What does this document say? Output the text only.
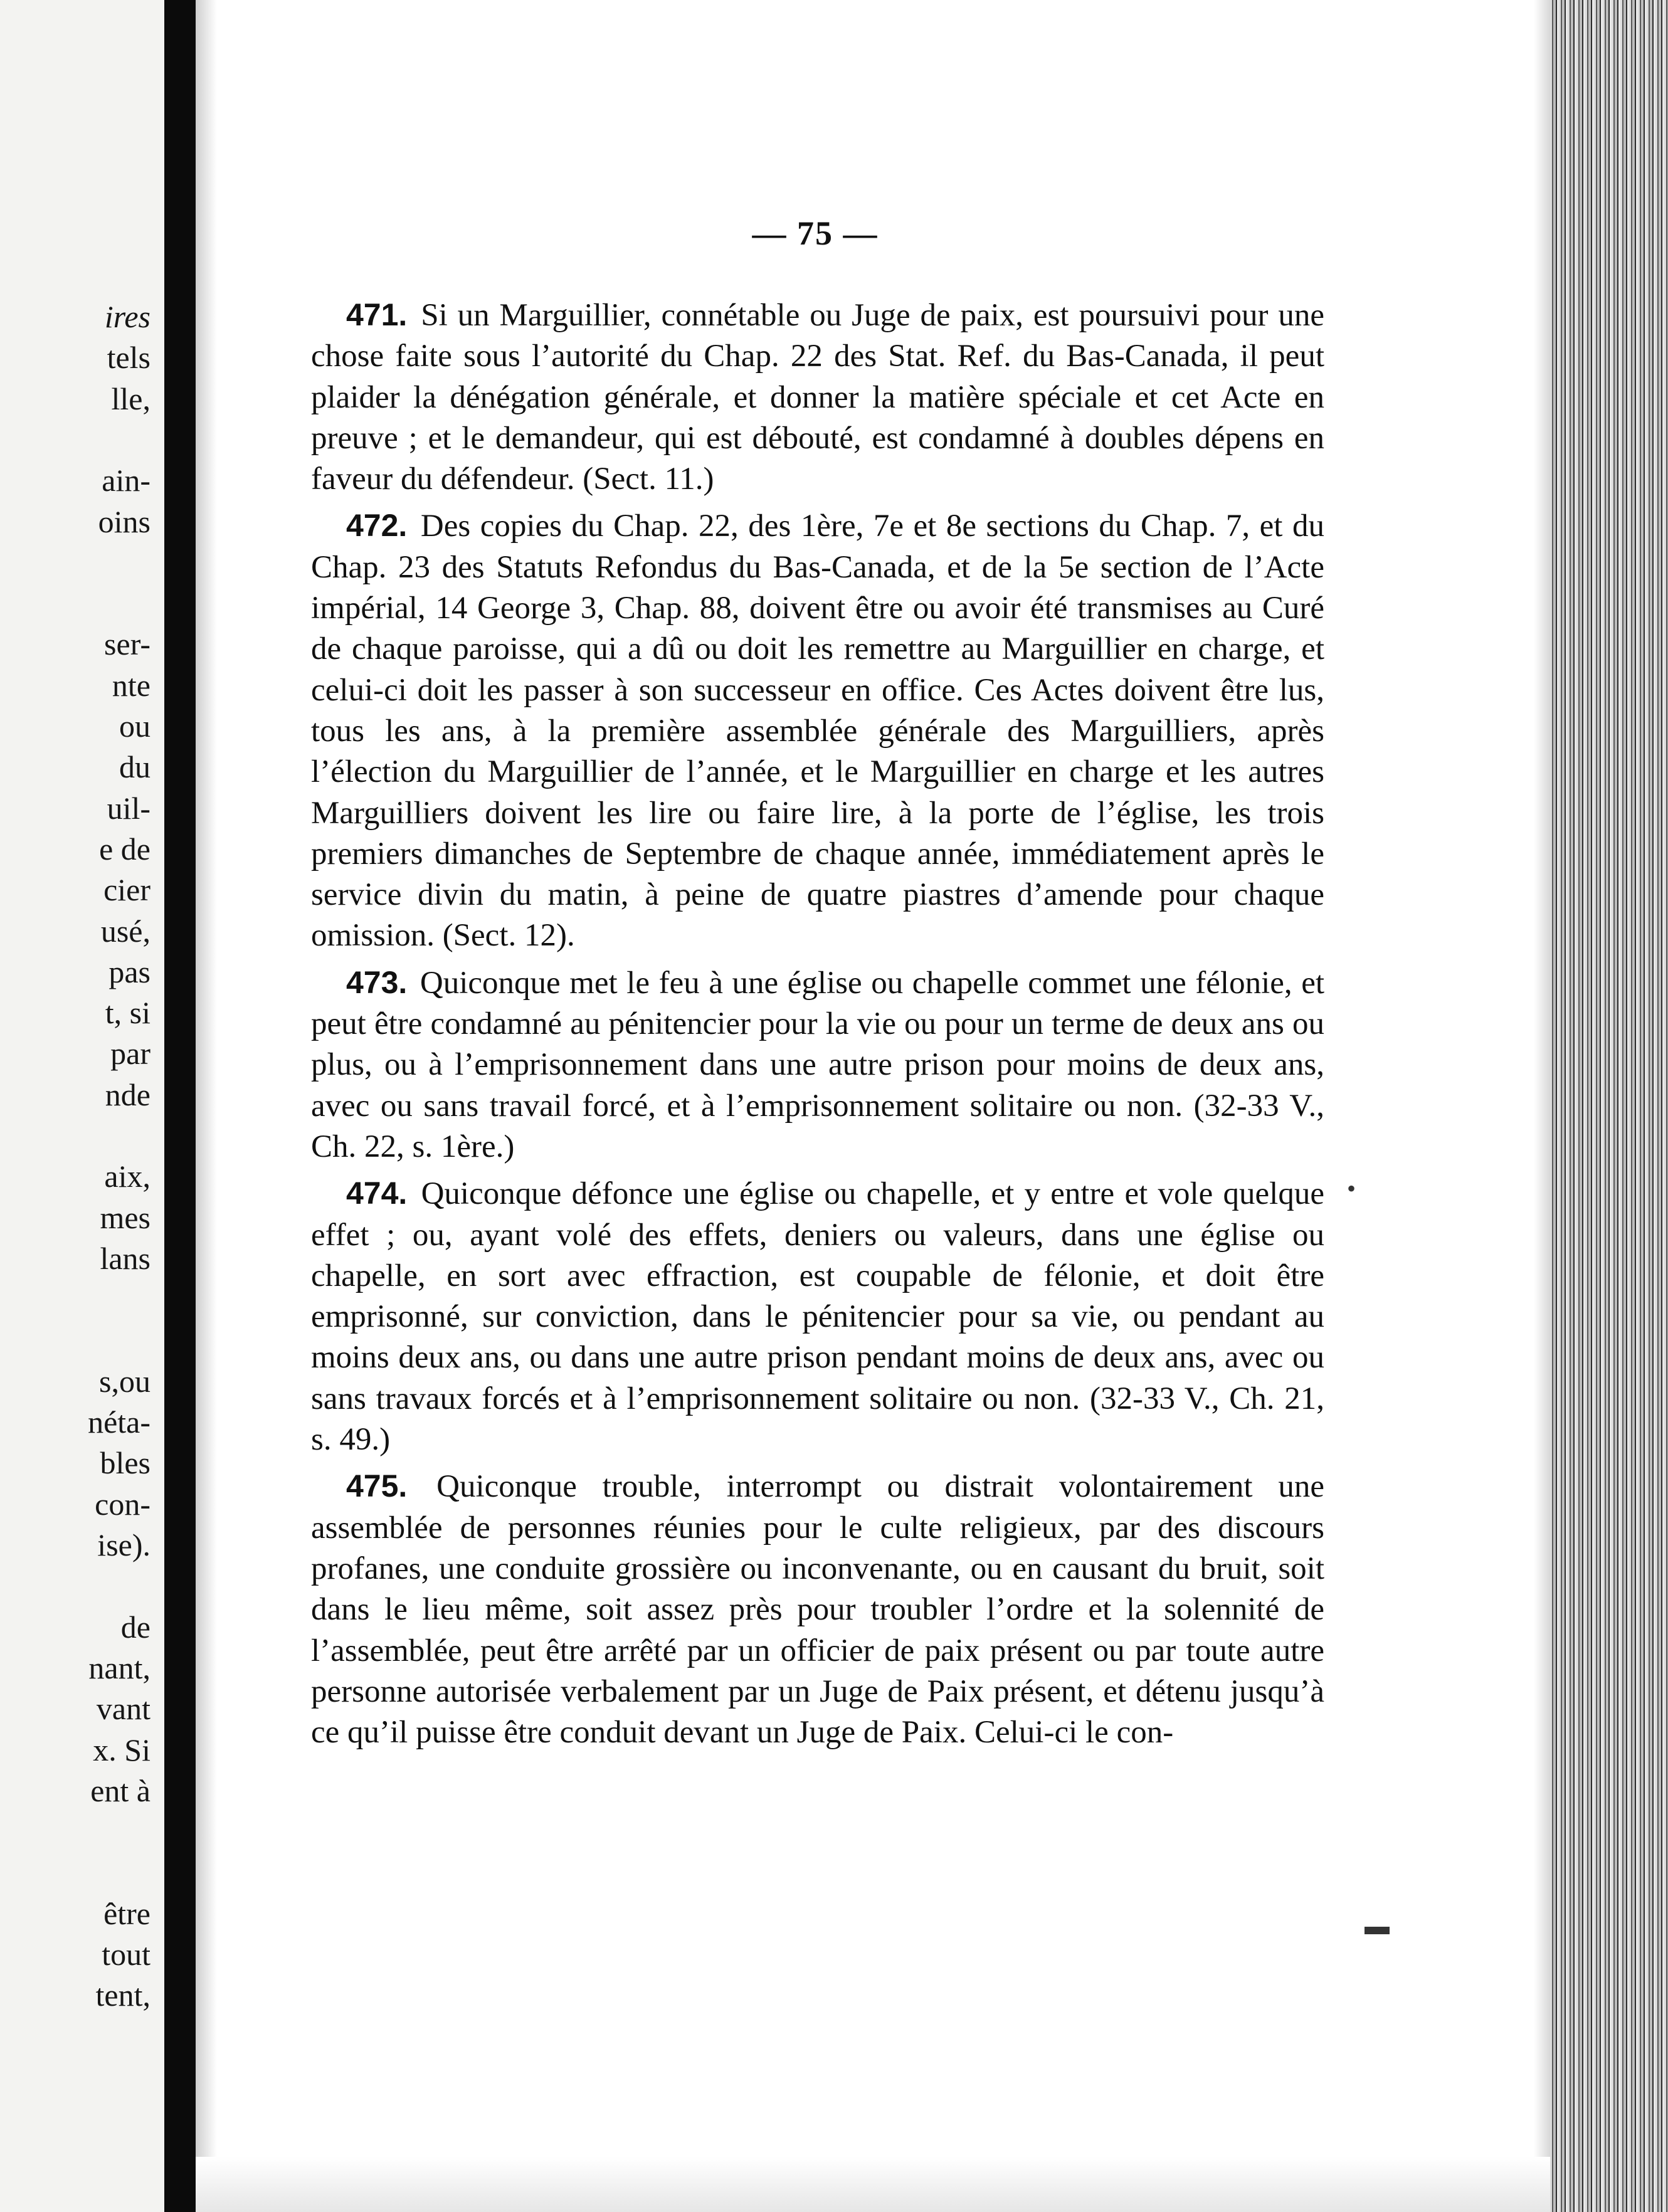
ires
tels
lle,
ain-
oins
ser-
nte
ou
du
uil-
e de
cier
usé,
pas
t, si
par
nde
aix,
mes
lans
s,ou
néta-
bles
con-
ise).
de
nant,
vant
x. Si
ent à
être
tout
tent,
— 75 —

471. Si un Marguillier, connétable ou Juge de paix, est poursuivi pour une chose faite sous l’autorité du Chap. 22 des Stat. Ref. du Bas-Canada, il peut plaider la dénégation générale, et donner la matière spéciale et cet Acte en preuve ; et le demandeur, qui est débouté, est condamné à doubles dépens en faveur du défendeur. (Sect. 11.)

472. Des copies du Chap. 22, des 1ère, 7e et 8e sections du Chap. 7, et du Chap. 23 des Statuts Refondus du Bas-Canada, et de la 5e section de l’Acte impérial, 14 George 3, Chap. 88, doivent être ou avoir été transmises au Curé de chaque paroisse, qui a dû ou doit les remettre au Marguillier en charge, et celui-ci doit les passer à son successeur en office. Ces Actes doivent être lus, tous les ans, à la première assemblée générale des Marguilliers, après l’élection du Marguillier de l’année, et le Marguillier en charge et les autres Marguilliers doivent les lire ou faire lire, à la porte de l’église, les trois premiers dimanches de Septembre de chaque année, immédiatement après le service divin du matin, à peine de quatre piastres d’amende pour chaque omission. (Sect. 12).

473. Quiconque met le feu à une église ou chapelle commet une félonie, et peut être condamné au pénitencier pour la vie ou pour un terme de deux ans ou plus, ou à l’emprisonnement dans une autre prison pour moins de deux ans, avec ou sans travail forcé, et à l’emprisonnement solitaire ou non. (32-33 V., Ch. 22, s. 1ère.)

474. Quiconque défonce une église ou chapelle, et y entre et vole quelque effet ; ou, ayant volé des effets, deniers ou valeurs, dans une église ou chapelle, en sort avec effraction, est coupable de félonie, et doit être emprisonné, sur conviction, dans le pénitencier pour sa vie, ou pendant au moins deux ans, ou dans une autre prison pendant moins de deux ans, avec ou sans travaux forcés et à l’emprisonnement solitaire ou non. (32-33 V., Ch. 21, s. 49.)

475. Quiconque trouble, interrompt ou distrait volontairement une assemblée de personnes réunies pour le culte religieux, par des discours profanes, une conduite grossière ou inconvenante, ou en causant du bruit, soit dans le lieu même, soit assez près pour troubler l’ordre et la solennité de l’assemblée, peut être arrêté par un officier de paix présent ou par toute autre personne autorisée verbalement par un Juge de Paix présent, et détenu jusqu’à ce qu’il puisse être conduit devant un Juge de Paix. Celui-ci le con-

•
▬
